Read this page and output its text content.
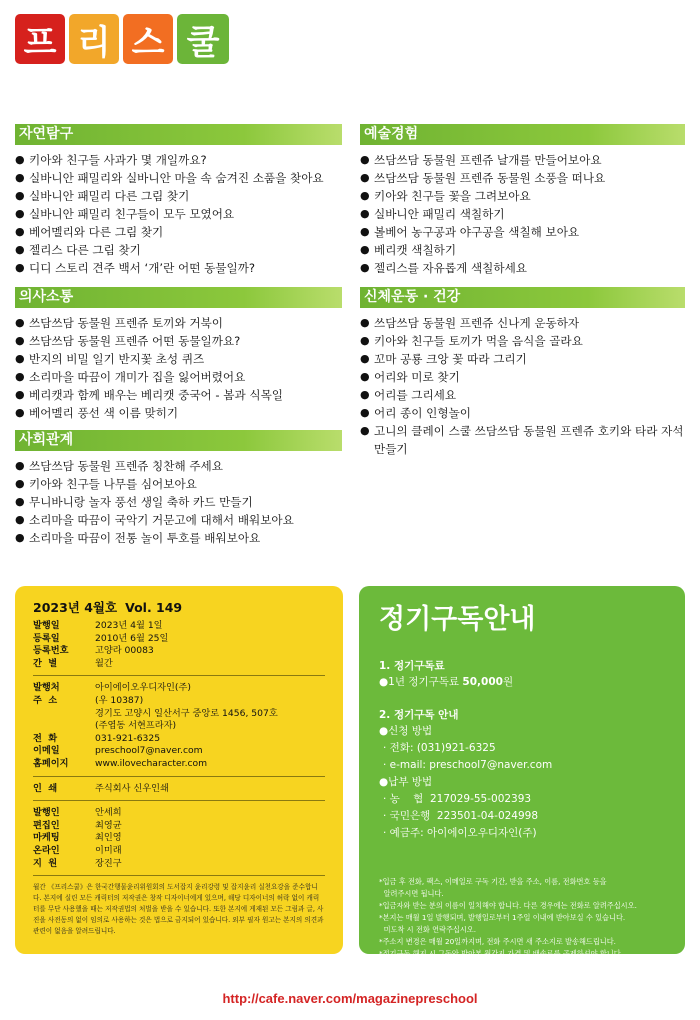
프 리 스 쿨
자연탐구
● 키아와 친구들 사과가 몇 개일까요?
● 실바니안 패밀리와 실바니안 마을 속 숨겨진 소품을 찾아요
● 실바니안 패밀리 다른 그림 찾기
● 실바니안 패밀리 친구들이 모두 모였어요
● 베어멜리와 다른 그림 찾기
● 젤리스 다른 그림 찾기
● 디디 스토리 견주 백서 ‘개’란 어떤 동물일까?
의사소통
● 쓰담쓰담 동물원 프렌쥬 토끼와 거북이
● 쓰담쓰담 동물원 프렌쥬 어떤 동물일까요?
● 반지의 비밀 일기 반지꽃 초성 퀴즈
● 소리마을 따끔이 개미가 집을 잃어버렸어요
● 베리캣과 함께 배우는 베리캣 중국어 - 봄과 식목일
● 베어멜리 풍선 색 이름 맞히기
사회관계
● 쓰담쓰담 동물원 프렌쥬 칭찬해 주세요
● 키아와 친구들 나무를 심어보아요
● 무니바니랑 놀자 풍선 생일 축하 카드 만들기
● 소리마을 따끔이 국악기 거문고에 대해서 배워보아요
● 소리마을 따끔이 전통 놀이 투호를 배워보아요
예술경험
● 쓰담쓰담 동물원 프렌쥬 날개를 만들어보아요
● 쓰담쓰담 동물원 프렌쥬 동물원 소풍을 떠나요
● 키아와 친구들 꽃을 그려보아요
● 실바니안 패밀리 색칠하기
● 볼베어 농구공과 야구공을 색칠해 보아요
● 베리캣 색칠하기
● 젤리스를 자유롭게 색칠하세요
신체운동 · 건강
● 쓰담쓰담 동물원 프렌쥬 신나게 운동하자
● 키아와 친구들 토끼가 먹을 음식을 골라요
● 꼬마 공룡 크앙 꽃 따라 그리기
● 어리와 미로 찾기
● 어리를 그리세요
● 어리 종이 인형놀이
● 고니의 클레이 스쿨 쓰담쓰담 동물원 프렌쥬 호키와 타라 자석 만들기
2023년 4월호 Vol. 149
발행일	2023년 4월 1일
등록일	2010년 6월 25일
등록번호	고양라 00083
간  별	월간
발행처	아이에이오우디자인(주)
주  소	(우 10387)
경기도 고양시 일산서구 중앙로 1456, 507호
(주엽동 서현프라자)
전  화	031-921-6325
이메일	preschool7@naver.com
홈페이지	www.ilovecharacter.com
인  쇄	주식회사 신우인쇄
발행인	안세희
편집인	최영균
마케팅	최인영
온라인	이미래
지  원	장진구
월간 《프리스쿨》은 한국간행물윤리위원회의 도서잡지 윤리강령 및 잡지윤리 실천요강을 준수합니다. 본지에 실린 모든 캐릭터의 저작권은 창작 디자이너에게 있으며, 해당 디자이너의 허락 없이 캐릭터를 무단 사용했을 때는 저작권법의 처벌을 받을 수 있습니다. 또한 본지에 게재된 모든 그림과 글, 사진을 사전동의 없이 임의로 사용하는 것은 법으로 금지되어 있습니다. 외부 필자 원고는 본지의 의견과 관련이 없음을 알려드립니다.
정기구독안내
1. 정기구독료
●1년 정기구독료 50,000원
2. 정기구독 안내
●신청 방법
· 전화: (031)921-6325
· e-mail: preschool7@naver.com
●납부 방법
· 농    협  217029-55-002393
· 국민은행  223501-04-024998
· 예금주: 아이에이오우디자인(주)
*입금 후 전화, 팩스, 이메일로 구독 기간, 받을 주소, 이름, 전화번호 등을
알려주시면 됩니다.
*입금자와 받는 분의 이름이 일치해야 합니다. 다른 경우에는 전화로 알려주십시오.
*본지는 매월 1일 발행되며, 발행일로부터 1주일 이내에 받아보실 수 있습니다.
미도착 시 전화 연락주십시오.
*주소지 변경은 매월 20일까지며, 전화 주시면 새 주소지로 발송해드립니다.
*정기구독 해지 시 그동안 받아본 월간지 가격 및 배송료를 공제하셔야 합니다.
http://cafe.naver.com/magazinepreschool
